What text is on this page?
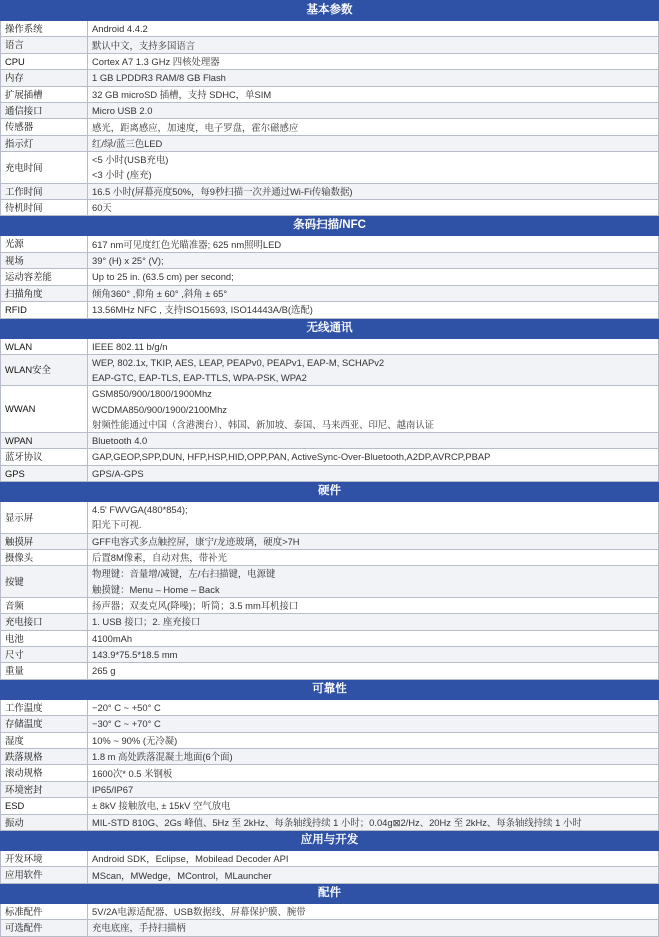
基本参数	
操作系统	Android 4.4.2

语言	默认中文，支持多国语言

CPU	Cortex A7 1.3 GHz 四核处理器

内存	1 GB LPDDR3 RAM/8 GB Flash

扩展插槽	32 GB microSD 插槽，支持 SDHC，单SIM

通信接口	Micro USB 2.0

传感器	感光，距离感应，加速度，电子罗盘，霍尔磁感应

指示灯	红/绿/蓝三色LED

充电时间	<5 小时(USB充电)
<3 小时 (座充)

工作时间	16.5 小时(屏幕亮度50%，每9秒扫描一次并通过Wi-Fi传输数据)

待机时间	60天

条码扫描/NFC	
光源	617 nm可见度红色光瞄准器; 625 nm照明LED

视场	39° (H) x 25° (V);

运动容差能	Up to 25 in. (63.5 cm) per second;

扫描角度	倾角360° ,仰角 ± 60° ,斜角 ± 65°

RFID	13.56MHz NFC , 支持ISO15693, ISO14443A/B(选配)

无线通讯	
WLAN	IEEE 802.11 b/g/n

WLAN安全	WEP, 802.1x, TKIP, AES, LEAP, PEAPv0, PEAPv1, EAP-M, SCHAPv2
EAP-GTC, EAP-TLS, EAP-TTLS, WPA-PSK, WPA2

WWAN	GSM850/900/1800/1900Mhz
WCDMA850/900/1900/2100Mhz
射频性能通过中国（含港澳台）、韩国、新加坡、泰国、马来西亚、印尼、越南认证

WPAN	Bluetooth 4.0

蓝牙协议	GAP,GEOP,SPP,DUN, HFP,HSP,HID,OPP,PAN, ActiveSync-Over-Bluetooth,A2DP,AVRCP,PBAP

GPS	GPS/A-GPS

硬件	
显示屏	4.5' FWVGA(480*854);
阳光下可视.

触摸屏	GFF电容式多点触控屏，康宁/龙迹玻璃，硬度>7H

摄像头	后置8M像素，自动对焦，带补光

按键	物理键：音量增/减键，左/右扫描键，电源键
触摸键：Menu – Home – Back

音频	扬声器；双麦克风(降噪)；听筒；3.5 mm耳机接口

充电接口	1. USB 接口；2. 座充接口

电池	4100mAh

尺寸	143.9*75.5*18.5 mm

重量	265 g

可靠性	
工作温度	−20° C ~ +50° C

存储温度	−30° C ~ +70° C

湿度	10% ~ 90% (无冷凝)

跌落规格	1.8 m 高处跌落混凝土地面(6个面)

滚动规格	1600次* 0.5 米钢板

环境密封	IP65/IP67

ESD	± 8kV 接触放电, ± 15kV 空气放电

振动	MIL-STD 810G、2Gs 峰值、5Hz 至 2kHz、每条轴线持续 1 小时；0.04g⊠2/Hz、20Hz 至 2kHz、每条轴线持续 1 小时

应用与开发	
开发环境	Android SDK，Eclipse，Mobilead Decoder API

应用软件	MScan，MWedge，MControl，MLauncher

配件	
标准配件	5V/2A电源适配器、USB数据线、屏幕保护膜、腕带

可选配件	充电底座，手持扫描柄
